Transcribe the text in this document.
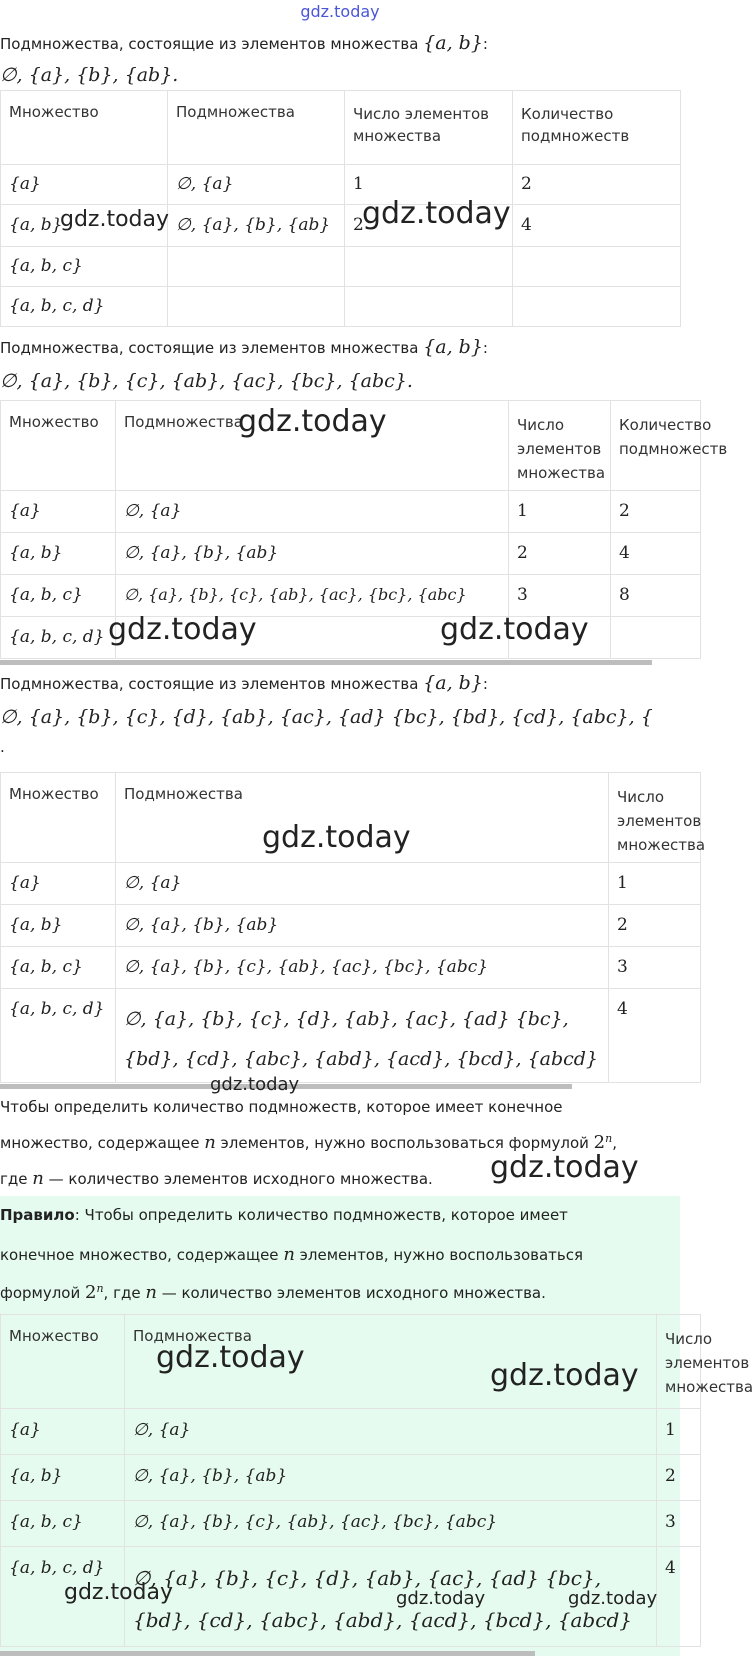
gdz.today
Подмножества, состоящие из элементов множества {a, b}:
∅, {a}, {b}, {ab}.
Множество	Подмножества	Число элементов множества	Количество подмножеств
{a}	∅, {a}	1	2
{a, b}	∅, {a}, {b}, {ab}	2	4
{a, b, c}			
{a, b, c, d}			
gdz.today	gdz.today
Подмножества, состоящие из элементов множества {a, b}:
∅, {a}, {b}, {c}, {ab}, {ac}, {bc}, {abc}.
Множество	Подмножества	Число элементов множества	Количество подмножеств
{a}	∅, {a}	1	2
{a, b}	∅, {a}, {b}, {ab}	2	4
{a, b, c}	∅, {a}, {b}, {c}, {ab}, {ac}, {bc}, {abc}	3	8
{a, b, c, d}			
gdz.today
gdz.today	gdz.today
Подмножества, состоящие из элементов множества {a, b}:
∅, {a}, {b}, {c}, {d}, {ab}, {ac}, {ad} {bc}, {bd}, {cd}, {abc}, {
.
Множество	Подмножества	Число элементов множества
{a}	∅, {a}	1
{a, b}	∅, {a}, {b}, {ab}	2
{a, b, c}	∅, {a}, {b}, {c}, {ab}, {ac}, {bc}, {abc}	3
{a, b, c, d}	∅, {a}, {b}, {c}, {d}, {ab}, {ac}, {ad} {bc},
{bd}, {cd}, {abc}, {abd}, {acd}, {bcd}, {abcd}	4
gdz.today
gdz.today
Чтобы определить количество подмножеств, которое имеет конечное
множество, содержащее n элементов, нужно воспользоваться формулой 2$^n$,
где n — количество элементов исходного множества. gdz.today
Правило: Чтобы определить количество подмножеств, которое имеет
конечное множество, содержащее n элементов, нужно воспользоваться
формулой 2$^n$, где n — количество элементов исходного множества.
Множество	Подмножества	Число элементов множества
{a}	∅, {a}	1
{a, b}	∅, {a}, {b}, {ab}	2
{a, b, c}	∅, {a}, {b}, {c}, {ab}, {ac}, {bc}, {abc}	3
{a, b, c, d}	∅, {a}, {b}, {c}, {d}, {ab}, {ac}, {ad} {bc},
{bd}, {cd}, {abc}, {abd}, {acd}, {bcd}, {abcd}	4
gdz.today
gdz.today
gdz.today	gdz.today	gdz.today
